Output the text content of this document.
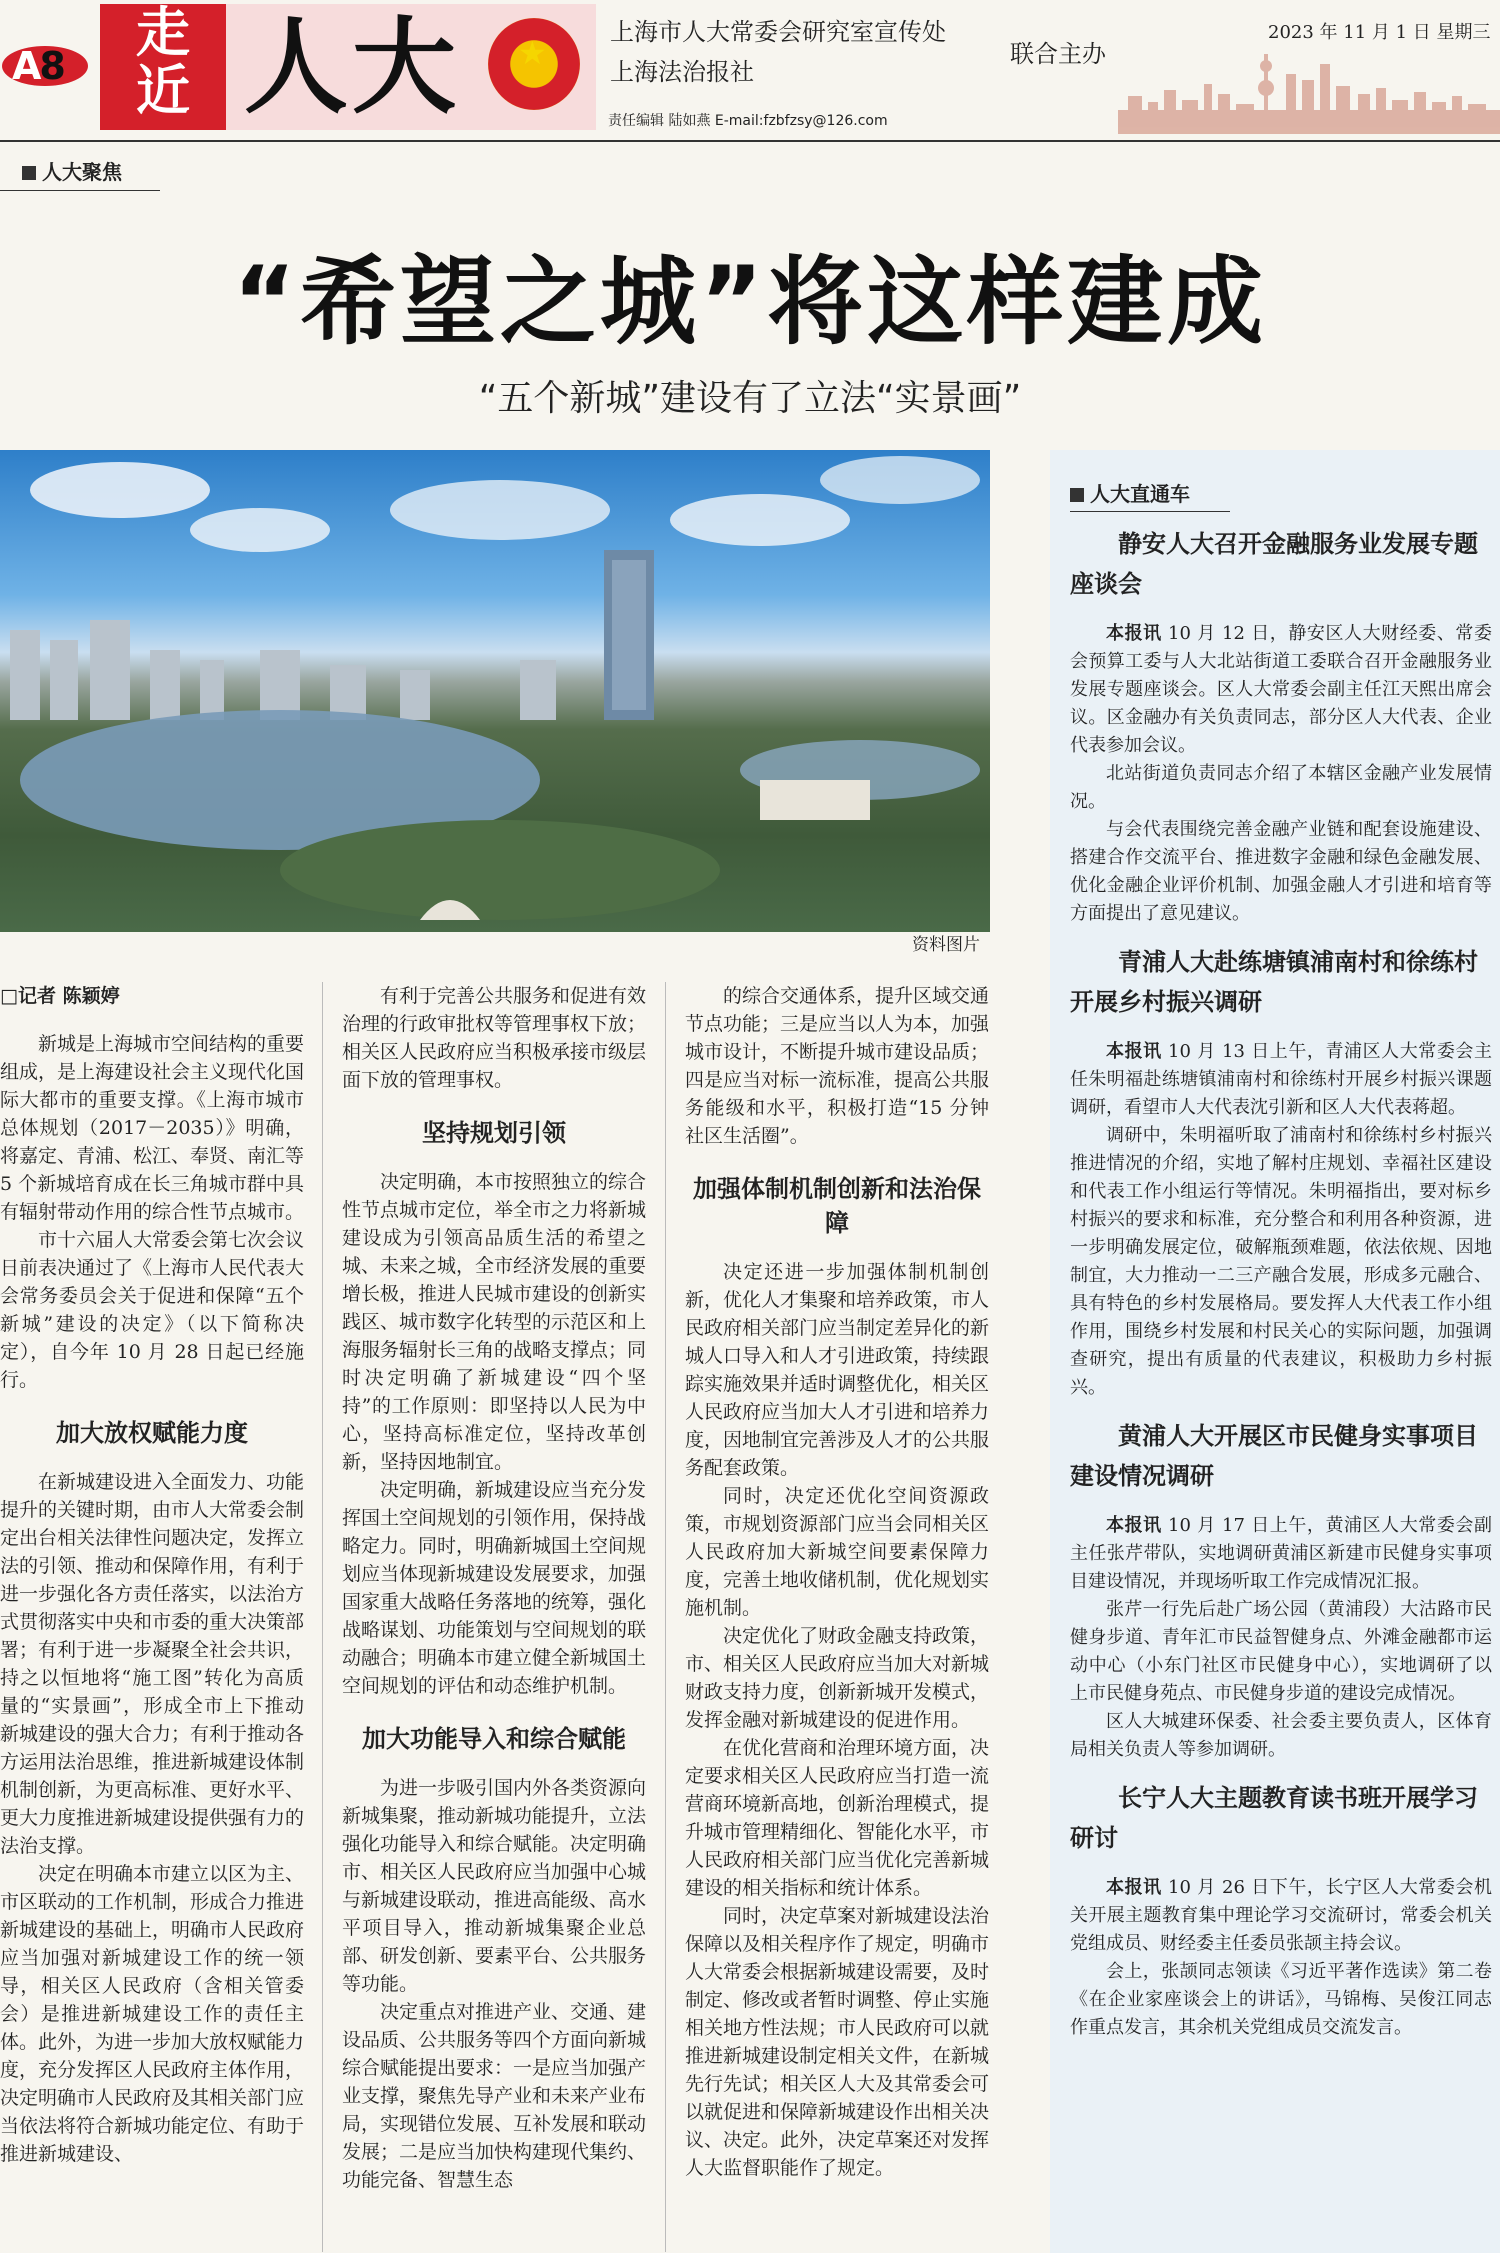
A8
走
近 人大
★	上海市人大常委会研究室宣传处
上海法治报社
联合主办
责任编辑 陆如燕 E-mail:fzbfzsy@126.com
2023 年 11 月 1 日 星期三
人大聚焦
“希望之城”将这样建成
“五个新城”建设有了立法“实景画”
资料图片
□记者 陈颖婷

新城是上海城市空间结构的重要组成，是上海建设社会主义现代化国际大都市的重要支撑。《上海市城市总体规划（2017－2035）》明确，将嘉定、青浦、松江、奉贤、南汇等 5 个新城培育成在长三角城市群中具有辐射带动作用的综合性节点城市。

市十六届人大常委会第七次会议日前表决通过了《上海市人民代表大会常务委员会关于促进和保障“五个新城”建设的决定》（以下简称决定），自今年 10 月 28 日起已经施行。

加大放权赋能力度

在新城建设进入全面发力、功能提升的关键时期，由市人大常委会制定出台相关法律性问题决定，发挥立法的引领、推动和保障作用，有利于进一步强化各方责任落实，以法治方式贯彻落实中央和市委的重大决策部署；有利于进一步凝聚全社会共识，持之以恒地将“施工图”转化为高质量的“实景画”，形成全市上下推动新城建设的强大合力；有利于推动各方运用法治思维，推进新城建设体制机制创新，为更高标准、更好水平、更大力度推进新城建设提供强有力的法治支撑。

决定在明确本市建立以区为主、市区联动的工作机制，形成合力推进新城建设的基础上，明确市人民政府应当加强对新城建设工作的统一领导，相关区人民政府（含相关管委会）是推进新城建设工作的责任主体。此外，为进一步加大放权赋能力度，充分发挥区人民政府主体作用，决定明确市人民政府及其相关部门应当依法将符合新城功能定位、有助于推进新城建设、

有利于完善公共服务和促进有效治理的行政审批权等管理事权下放；相关区人民政府应当积极承接市级层面下放的管理事权。

坚持规划引领

决定明确，本市按照独立的综合性节点城市定位，举全市之力将新城建设成为引领高品质生活的希望之城、未来之城，全市经济发展的重要增长极，推进人民城市建设的创新实践区、城市数字化转型的示范区和上海服务辐射长三角的战略支撑点；同时决定明确了新城建设“四个坚持”的工作原则：即坚持以人民为中心，坚持高标准定位，坚持改革创新，坚持因地制宜。

决定明确，新城建设应当充分发挥国土空间规划的引领作用，保持战略定力。同时，明确新城国土空间规划应当体现新城建设发展要求，加强国家重大战略任务落地的统筹，强化战略谋划、功能策划与空间规划的联动融合；明确本市建立健全新城国土空间规划的评估和动态维护机制。

加大功能导入和综合赋能

为进一步吸引国内外各类资源向新城集聚，推动新城功能提升，立法强化功能导入和综合赋能。决定明确市、相关区人民政府应当加强中心城与新城建设联动，推进高能级、高水平项目导入，推动新城集聚企业总部、研发创新、要素平台、公共服务等功能。

决定重点对推进产业、交通、建设品质、公共服务等四个方面向新城综合赋能提出要求：一是应当加强产业支撑，聚焦先导产业和未来产业布局，实现错位发展、互补发展和联动发展；二是应当加快构建现代集约、功能完备、智慧生态

的综合交通体系，提升区域交通节点功能；三是应当以人为本，加强城市设计，不断提升城市建设品质；四是应当对标一流标准，提高公共服务能级和水平，积极打造“15 分钟社区生活圈”。

加强体制机制创新和法治保障

决定还进一步加强体制机制创新，优化人才集聚和培养政策，市人民政府相关部门应当制定差异化的新城人口导入和人才引进政策，持续跟踪实施效果并适时调整优化，相关区人民政府应当加大人才引进和培养力度，因地制宜完善涉及人才的公共服务配套政策。

同时，决定还优化空间资源政策，市规划资源部门应当会同相关区人民政府加大新城空间要素保障力度，完善土地收储机制，优化规划实施机制。

决定优化了财政金融支持政策，市、相关区人民政府应当加大对新城财政支持力度，创新新城开发模式，发挥金融对新城建设的促进作用。

在优化营商和治理环境方面，决定要求相关区人民政府应当打造一流营商环境新高地，创新治理模式，提升城市管理精细化、智能化水平，市人民政府相关部门应当优化完善新城建设的相关指标和统计体系。

同时，决定草案对新城建设法治保障以及相关程序作了规定，明确市人大常委会根据新城建设需要，及时制定、修改或者暂时调整、停止实施相关地方性法规；市人民政府可以就推进新城建设制定相关文件，在新城先行先试；相关区人大及其常委会可以就促进和保障新城建设作出相关决议、决定。此外，决定草案还对发挥人大监督职能作了规定。

人大直通车
静安人大召开金融服务业发展专题座谈会

本报讯 10 月 12 日，静安区人大财经委、常委会预算工委与人大北站街道工委联合召开金融服务业发展专题座谈会。区人大常委会副主任江天熙出席会议。区金融办有关负责同志，部分区人大代表、企业代表参加会议。

北站街道负责同志介绍了本辖区金融产业发展情况。

与会代表围绕完善金融产业链和配套设施建设、搭建合作交流平台、推进数字金融和绿色金融发展、优化金融企业评价机制、加强金融人才引进和培育等方面提出了意见建议。

青浦人大赴练塘镇浦南村和徐练村开展乡村振兴调研

本报讯 10 月 13 日上午，青浦区人大常委会主任朱明福赴练塘镇浦南村和徐练村开展乡村振兴课题调研，看望市人大代表沈引新和区人大代表蒋超。

调研中，朱明福听取了浦南村和徐练村乡村振兴推进情况的介绍，实地了解村庄规划、幸福社区建设和代表工作小组运行等情况。朱明福指出，要对标乡村振兴的要求和标准，充分整合和利用各种资源，进一步明确发展定位，破解瓶颈难题，依法依规、因地制宜，大力推动一二三产融合发展，形成多元融合、具有特色的乡村发展格局。要发挥人大代表工作小组作用，围绕乡村发展和村民关心的实际问题，加强调查研究，提出有质量的代表建议，积极助力乡村振兴。

黄浦人大开展区市民健身实事项目建设情况调研

本报讯 10 月 17 日上午，黄浦区人大常委会副主任张芹带队，实地调研黄浦区新建市民健身实事项目建设情况，并现场听取工作完成情况汇报。

张芹一行先后赴广场公园（黄浦段）大沽路市民健身步道、青年汇市民益智健身点、外滩金融都市运动中心（小东门社区市民健身中心），实地调研了以上市民健身苑点、市民健身步道的建设完成情况。

区人大城建环保委、社会委主要负责人，区体育局相关负责人等参加调研。

长宁人大主题教育读书班开展学习研讨

本报讯 10 月 26 日下午，长宁区人大常委会机关开展主题教育集中理论学习交流研讨，常委会机关党组成员、财经委主任委员张颉主持会议。

会上，张颉同志领读《习近平著作选读》第二卷《在企业家座谈会上的讲话》，马锦梅、吴俊江同志作重点发言，其余机关党组成员交流发言。
